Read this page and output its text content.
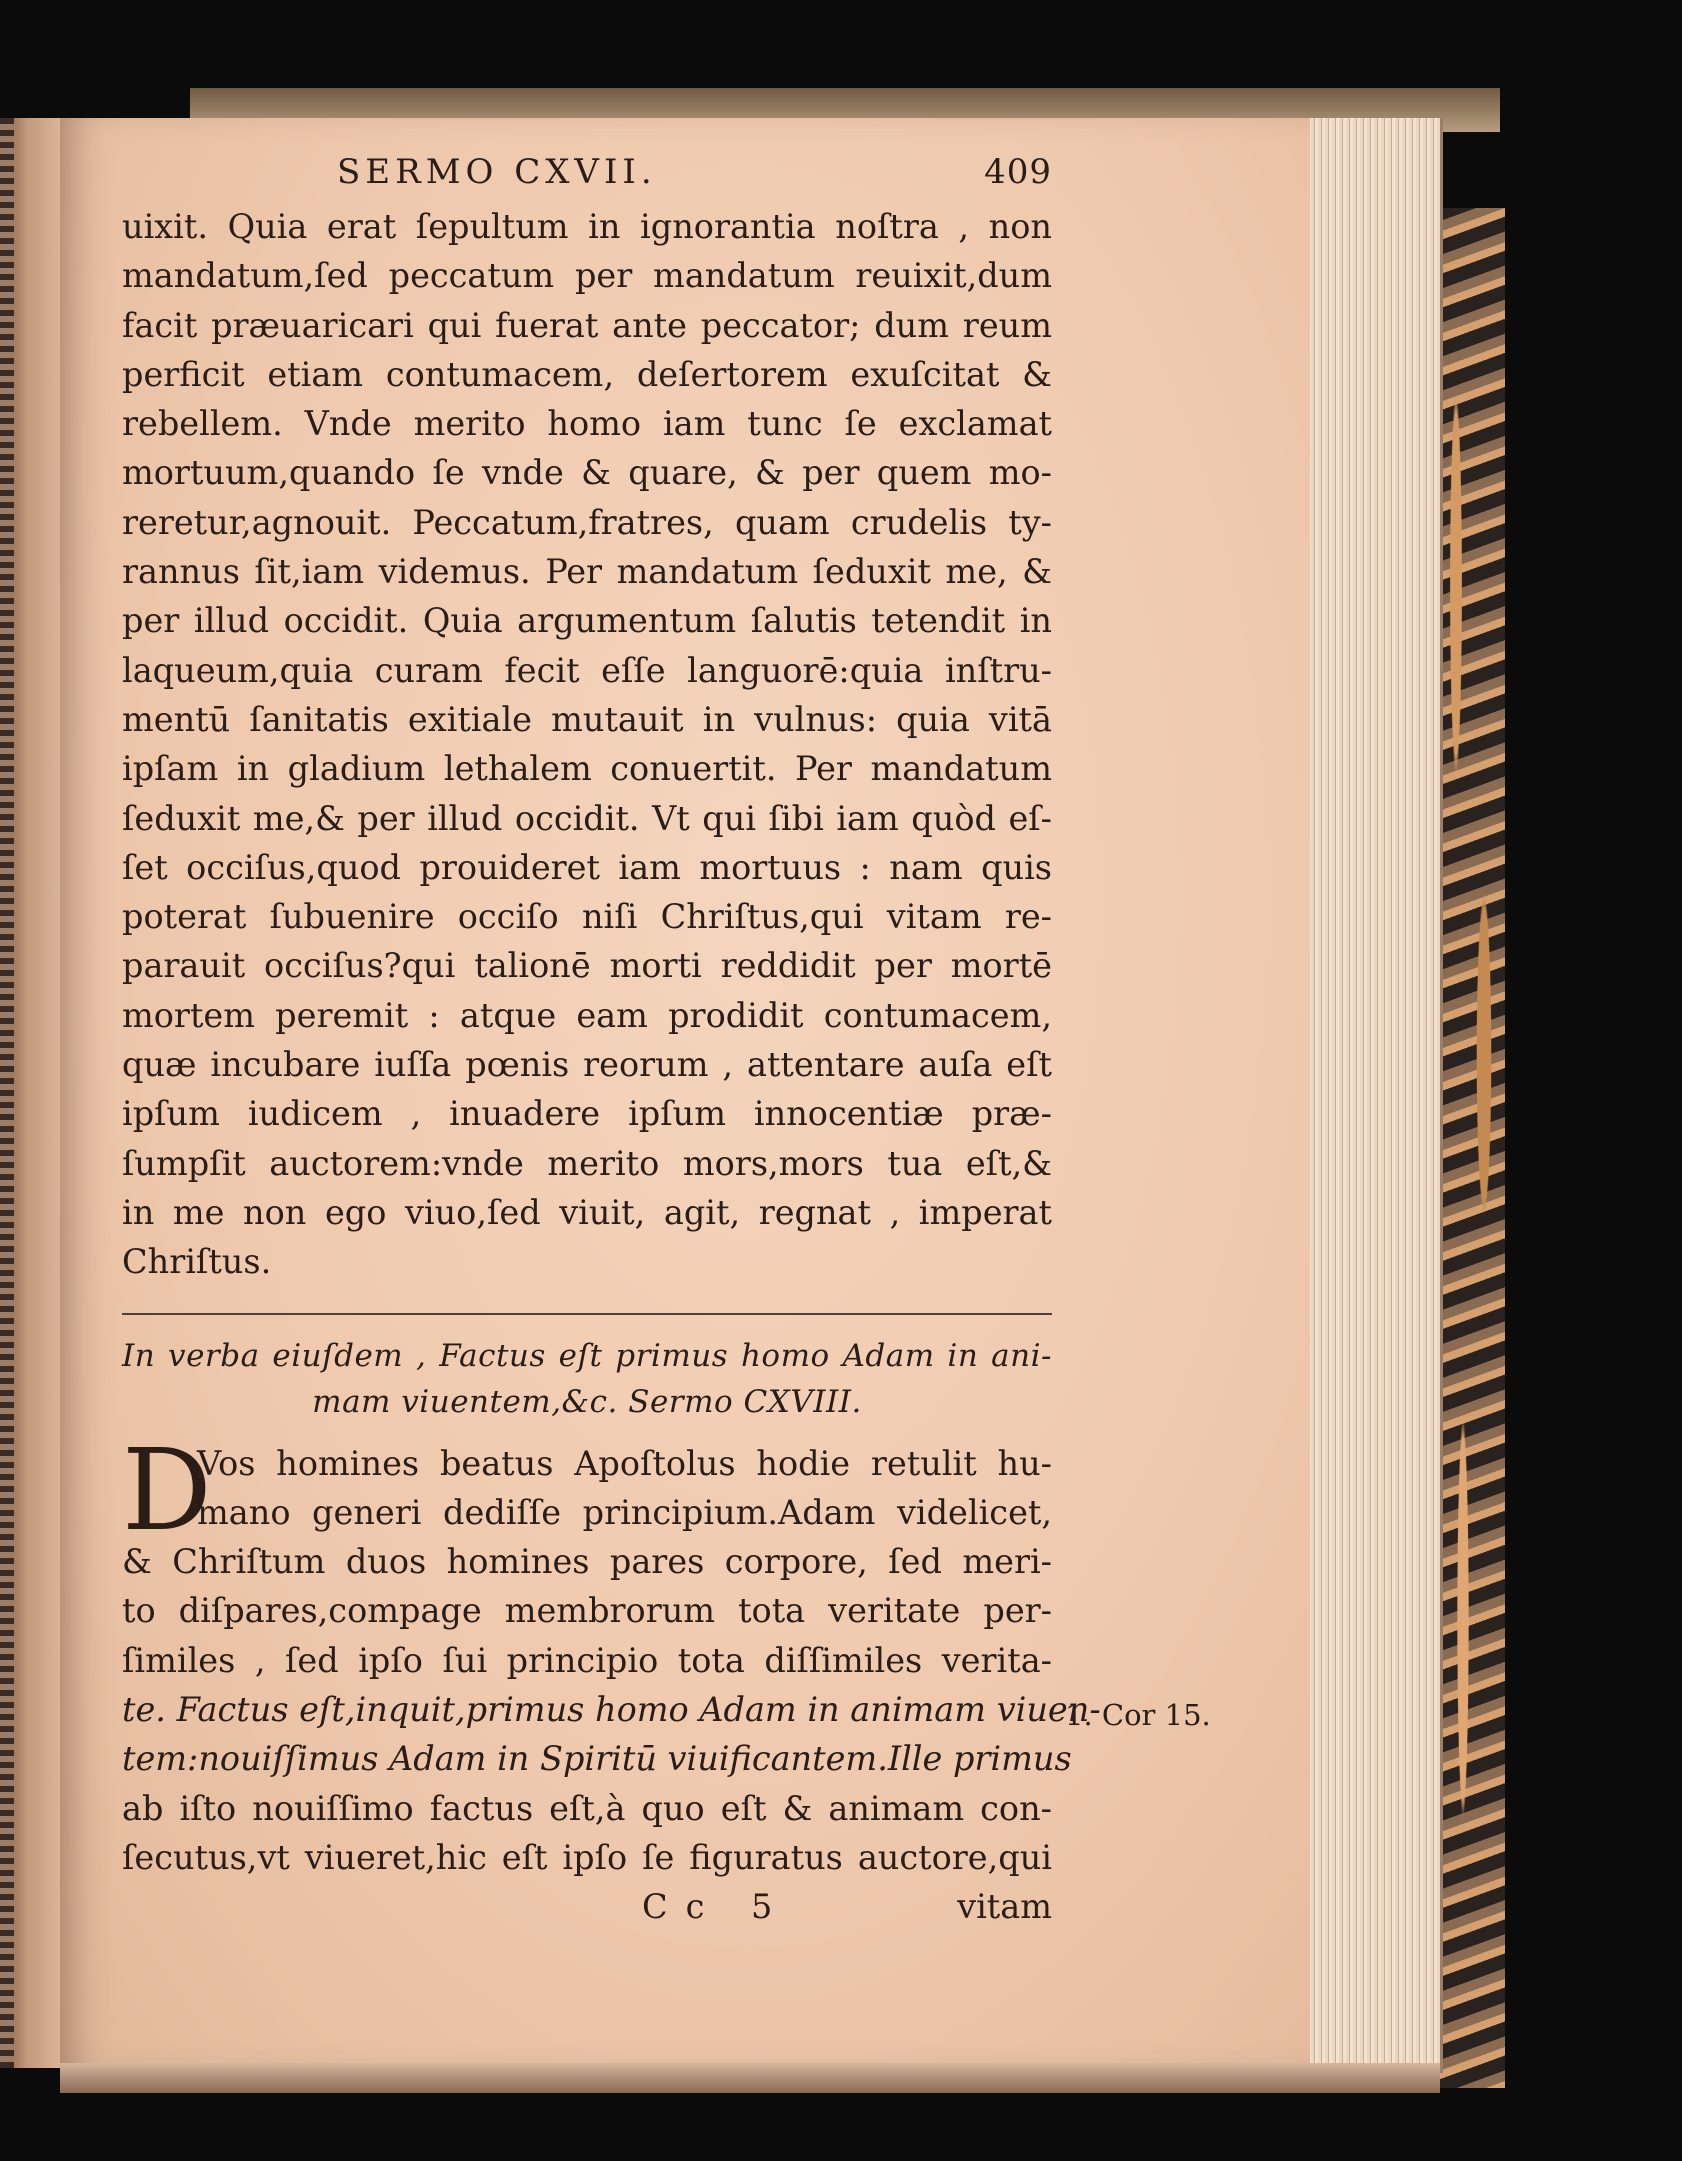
SERMO CXVII.	409
uixit. Quia erat ſepultum in ignorantia noſtra , non
mandatum,ſed peccatum per mandatum reuixit,dum
facit præuaricari qui fuerat ante peccator; dum reum
perficit etiam contumacem, deſertorem exuſcitat &
rebellem. Vnde merito homo iam tunc ſe exclamat
mortuum,quando ſe vnde & quare, & per quem mo-
reretur,agnouit. Peccatum,fratres, quam crudelis ty-
rannus ſit,iam videmus. Per mandatum ſeduxit me, &
per illud occidit. Quia argumentum ſalutis tetendit in
laqueum,quia curam fecit eſſe languorē:quia inſtru-
mentū ſanitatis exitiale mutauit in vulnus: quia vitā
ipſam in gladium lethalem conuertit. Per mandatum
ſeduxit me,& per illud occidit. Vt qui ſibi iam quòd eſ-
ſet occiſus,quod prouideret iam mortuus : nam quis
poterat ſubuenire occiſo niſi Chriſtus,qui vitam re-
parauit occiſus?qui talionē morti reddidit per mortē
mortem peremit : atque eam prodidit contumacem,
quæ incubare iuſſa pœnis reorum , attentare auſa eſt
ipſum iudicem , inuadere ipſum innocentiæ præ-
ſumpſit auctorem:vnde merito mors,mors tua eſt,&
in me non ego viuo,ſed viuit, agit, regnat , imperat
Chriſtus.
In verba eiuſdem , Factus eſt primus homo Adam in ani-
mam viuentem,&c. Sermo CXVIII.
D
Vos homines beatus Apoſtolus hodie retulit hu-
mano generi dediſſe principium.Adam videlicet,
& Chriſtum duos homines pares corpore, ſed meri-
to diſpares,compage membrorum tota veritate per-
ſimiles , ſed ipſo ſui principio tota diſſimiles verita-
te. Factus eſt,inquit,primus homo Adam in animam viuen-
tem:nouiſſimus Adam in Spiritū viuificantem.Ille primus
ab iſto nouiſſimo factus eſt,à quo eſt & animam con-
ſecutus,vt viueret,hic eſt ipſo ſe figuratus auctore,qui
Cc 5	vitam
1. Cor 15.
